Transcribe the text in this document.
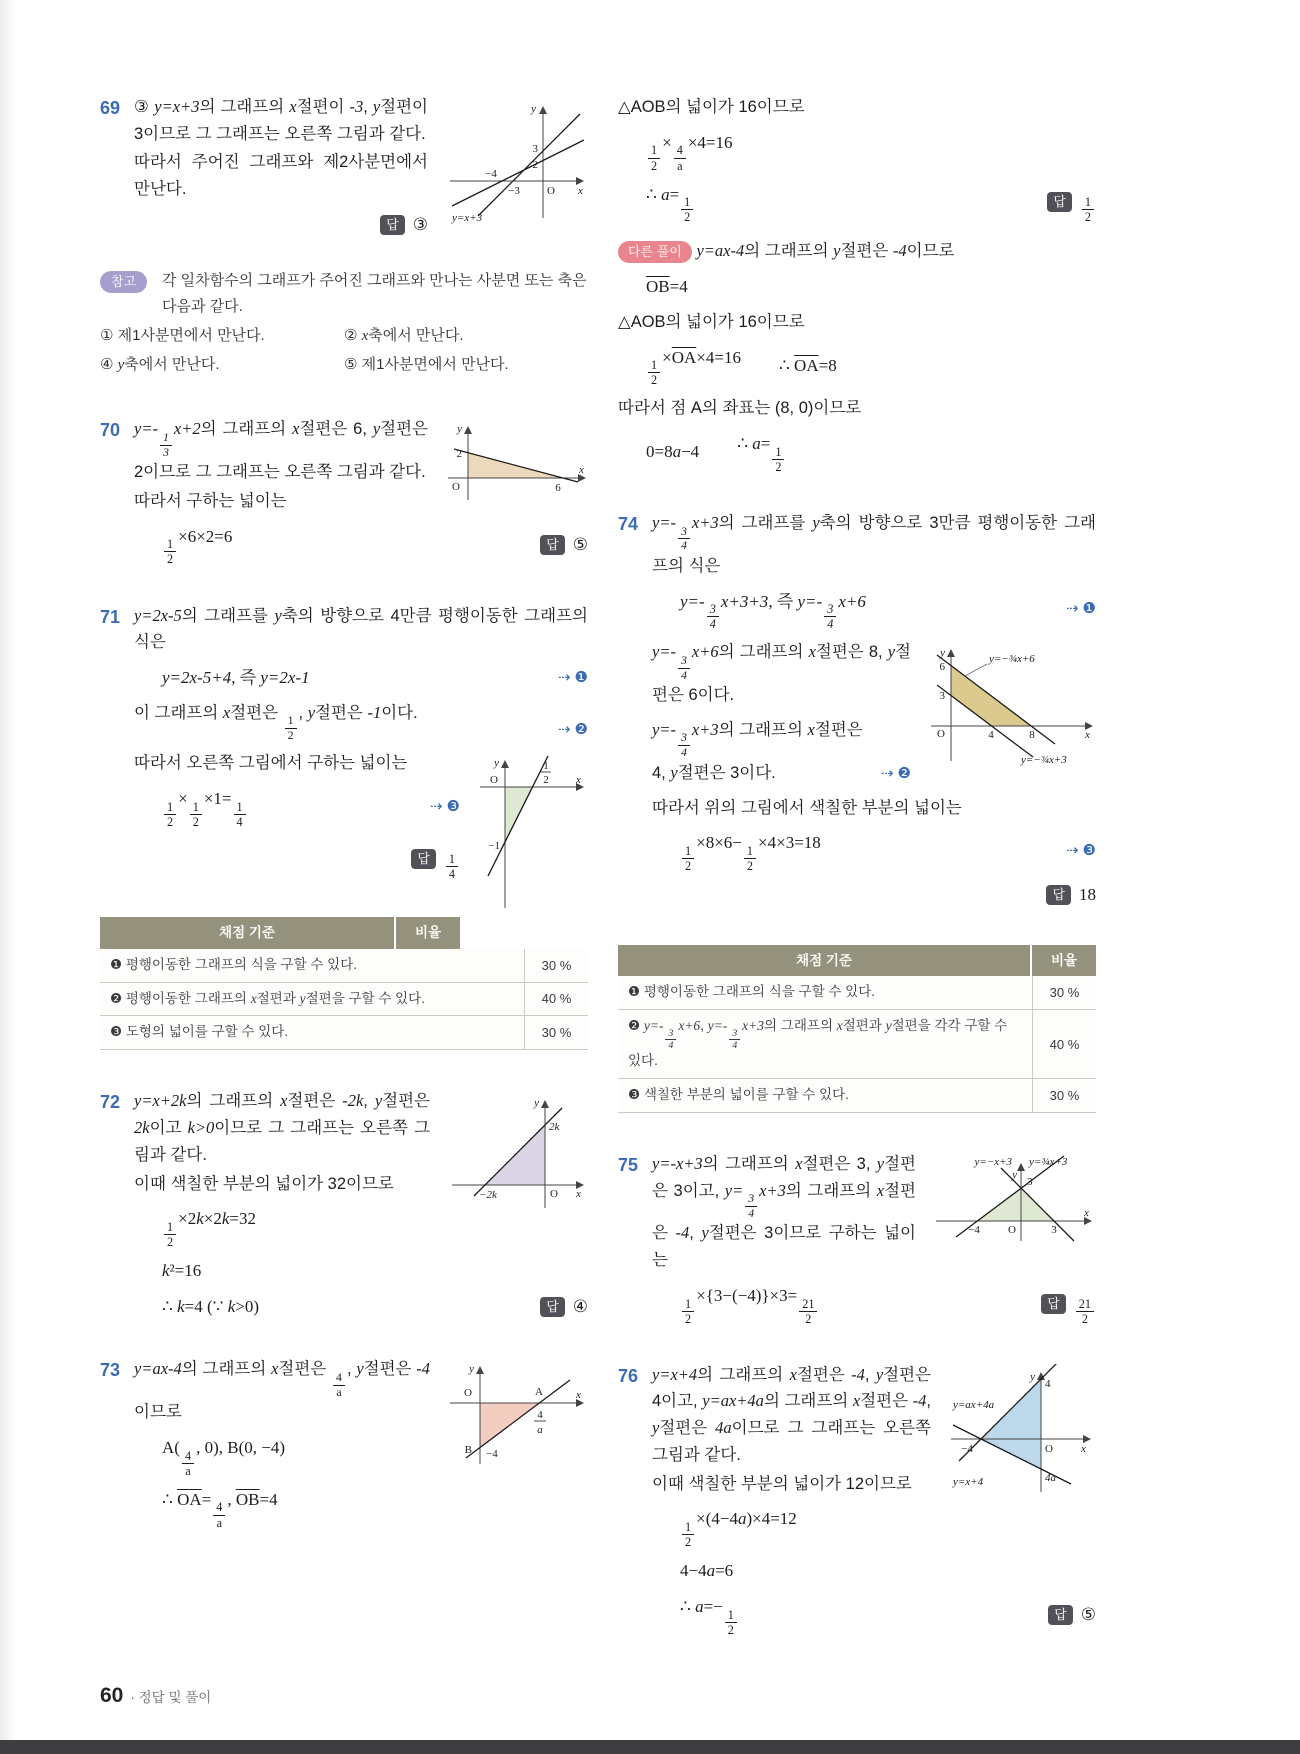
y
x
O
3
2
−4
−3
y=x+3
69 ③ y=x+3의 그래프의 x절편이 -3, y절편이 3이므로 그 그래프는 오른쪽 그림과 같다.

따라서 주어진 그래프와 제2사분면에서 만난다.

답 ③

참고	각 일차함수의 그래프가 주어진 그래프와 만나는 사분면 또는 축은 다음과 같다.

① 제1사분면에서 만난다.	② x축에서 만난다.
④ y축에서 만난다.	⑤ 제1사분면에서 만난다.
y
x
O
2
6
70 y=-
$\frac{1}{3}$
x+2의 그래프의 x절편은 6, y절편은 2이므로 그 그래프는 오른쪽 그림과 같다.

따라서 구하는 넓이는

$\frac{1}{2}$
×6×2=6	답 ⑤
71 y=2x-5의 그래프를 y축의 방향으로 4만큼 평행이동한 그래프의 식은

y=2x-5+4, 즉 y=2x-1	⇢ ❶
이 그래프의 x절편은
$\frac{1}{2}$
, y절편은 -1이다.
⇢ ❷
y
x
O
1
2
−1

따라서 오른쪽 그림에서 구하는 넓이는

$\frac{1}{2}$
×
$\frac{1}{2}$
×1=
$\frac{1}{4}$	⇢ ❸
답	$\frac{1}{4}$
채점 기준	비율
❶ 평행이동한 그래프의 식을 구할 수 있다.	30 %
❷ 평행이동한 그래프의 x절편과 y절편을 구할 수 있다.	40 %
❸ 도형의 넓이를 구할 수 있다.	30 %
y
x
O
2k
−2k
72 y=x+2k의 그래프의 x절편은 -2k, y절편은 2k이고 k>0이므로 그 그래프는 오른쪽 그림과 같다.

이때 색칠한 부분의 넓이가 32이므로

$\frac{1}{2}$
×2k×2k=32
k²=16
∴ k=4 (∵ k>0)	답 ④
y
x
O	A
4
a
B −4
73 y=ax-4의 그래프의 x절편은
$\frac{4}{a}$
, y절편은 -4이므로

A(
$\frac{4}{a}$
, 0), B(0, −4)
∴ $\overline{OA}=$
$\frac{4}{a}$
, $\overline{OB}=4$

△AOB의 넓이가 16이므로

$\frac{1}{2}$
×
$\frac{4}{a}$
×4=16
∴ a=
$\frac{1}{2}$	답	$\frac{1}{2}$

다른 풀이 y=ax-4의 그래프의 y절편은 -4이므로

$\overline{OB}=4$

△AOB의 넓이가 16이므로

$\frac{1}{2}$
$\times\overline{OA}\times 4=16$ ∴ $\overline{OA}=8$

따라서 점 A의 좌표는 (8, 0)이므로

0=8a−4 ∴ a=
$\frac{1}{2}$
74 y=-
$\frac{3}{4}$
x+3의 그래프를 y축의 방향으로 3만큼 평행이동한 그래프의 식은

y=-
$\frac{3}{4}$
x+3+3, 즉 y=-
$\frac{3}{4}$
x+6	⇢ ❶
y
x
O
6
3
4	8
y=−¾x+6
y=−¾x+3

y=-
$\frac{3}{4}$
x+6의 그래프의 x절편은 8, y절편은 6이다.

y=-
$\frac{3}{4}$
x+3의 그래프의 x절편은 4, y절편은 3이다.	⇢ ❷

따라서 위의 그림에서 색칠한 부분의 넓이는

$\frac{1}{2}$
×8×6−
$\frac{1}{2}$
×4×3=18	⇢ ❸
답 18
채점 기준	비율
❶ 평행이동한 그래프의 식을 구할 수 있다.	30 %
❷ y=-
$\frac{3}{4}$
x+6, y=-
$\frac{3}{4}$
x+3의 그래프의 x절편과 y절편을 각각 구할 수 있다.
40 %
❸ 색칠한 부분의 넓이를 구할 수 있다.	30 %
y=−x+3 y=¾x+3
y
x
3
−4	O	3
75 y=-x+3의 그래프의 x절편은 3, y절편은 3이고, y=
$\frac{3}{4}$
x+3의 그래프의 x절편은 -4, y절편은 3이므로 구하는 넓이는

$\frac{1}{2}$
×{3−(−4)}×3=
$\frac{21}{2}$	답	$\frac{21}{2}$
y
y=ax+4a
4
−4	O	x
4a
y=x+4
76 y=x+4의 그래프의 x절편은 -4, y절편은 4이고, y=ax+4a의 그래프의 x절편은 -4, y절편은 4a이므로 그 그래프는 오른쪽 그림과 같다.

이때 색칠한 부분의 넓이가 12이므로

$\frac{1}{2}$
×(4−4a)×4=12
4−4a=6
∴ a=−
$\frac{1}{2}$	답 ⑤
60 · 정답 및 풀이
